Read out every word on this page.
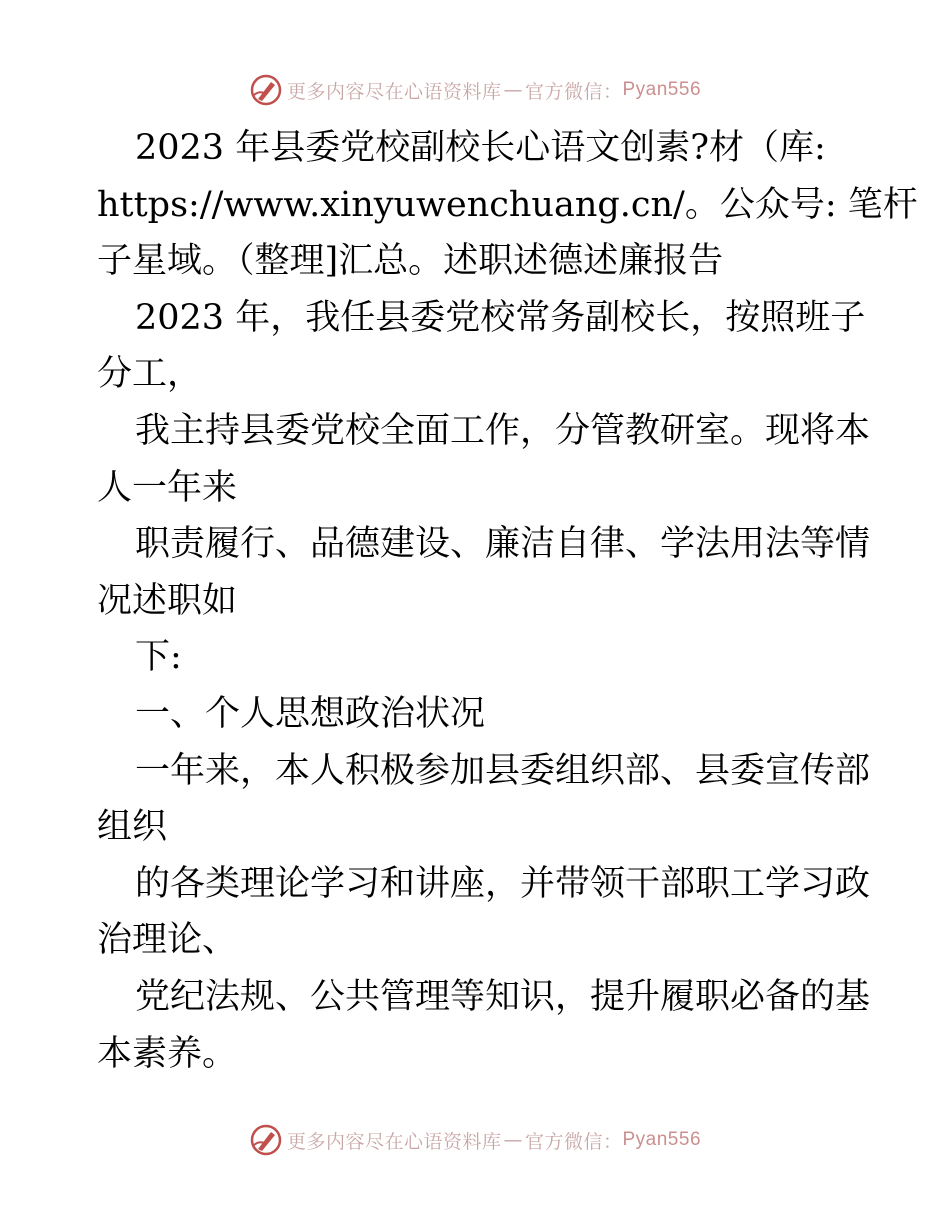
更多内容尽在心语资料库 — 官方微信： Pyan556
2023 年县委党校副校长心语文创素?材（库:
https://www.xinyuwenchuang.cn/。公众号: 笔杆
子星域。（整理]汇总。述职述德述廉报告
2023 年，我任县委党校常务副校长，按照班子
分工，
我主持县委党校全面工作，分管教研室。现将本
人一年来
职责履行、品德建设、廉洁自律、学法用法等情
况述职如
下:
一、个人思想政治状况
一年来，本人积极参加县委组织部、县委宣传部
组织
的各类理论学习和讲座，并带领干部职工学习政
治理论、
党纪法规、公共管理等知识，提升履职必备的基
本素养。
更多内容尽在心语资料库 — 官方微信： Pyan556
